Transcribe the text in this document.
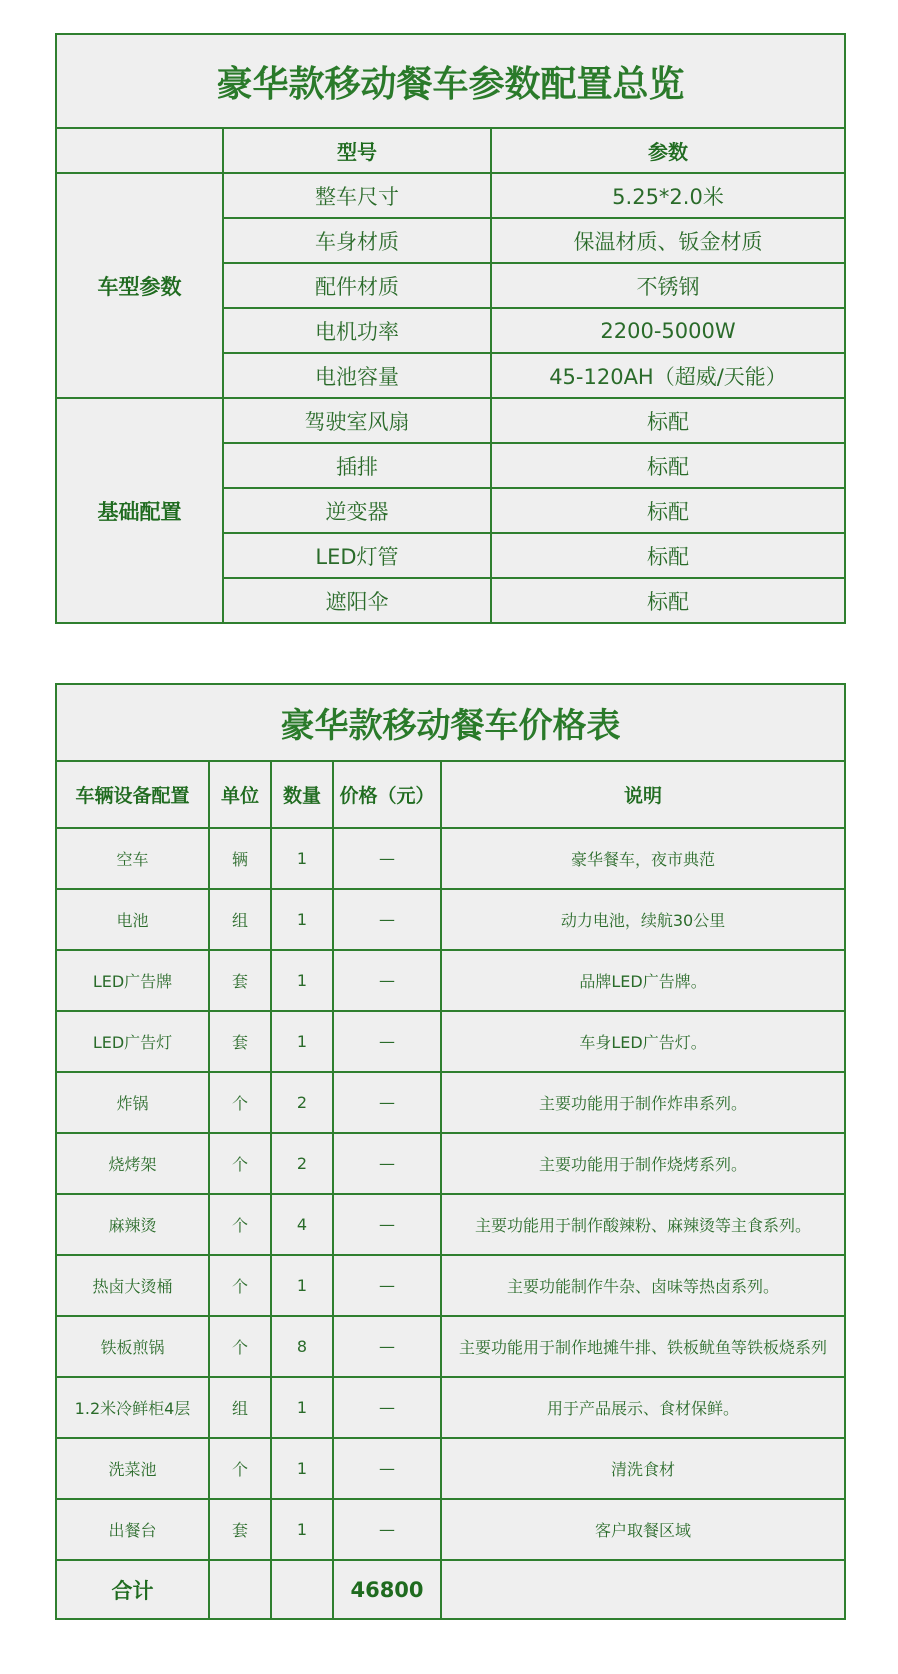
豪华款移动餐车参数配置总览		
	型号	参数
车型参数	整车尺寸	5.25*2.0米
	车身材质	保温材质、钣金材质
	配件材质	不锈钢
	电机功率	2200-5000W
	电池容量	45-120AH（超威/天能）
基础配置	驾驶室风扇	标配
	插排	标配
	逆变器	标配
	LED灯管	标配
	遮阳伞	标配
豪华款移动餐车价格表				
车辆设备配置	单位	数量	价格（元）	说明
空车	辆	1	—	豪华餐车，夜市典范
电池	组	1	—	动力电池，续航30公里
LED广告牌	套	1	—	品牌LED广告牌。
LED广告灯	套	1	—	车身LED广告灯。
炸锅	个	2	—	主要功能用于制作炸串系列。
烧烤架	个	2	—	主要功能用于制作烧烤系列。
麻辣烫	个	4	—	主要功能用于制作酸辣粉、麻辣烫等主食系列。
热卤大烫桶	个	1	—	主要功能制作牛杂、卤味等热卤系列。
铁板煎锅	个	8	—	主要功能用于制作地摊牛排、铁板鱿鱼等铁板烧系列
1.2米冷鲜柜4层	组	1	—	用于产品展示、食材保鲜。
洗菜池	个	1	—	清洗食材
出餐台	套	1	—	客户取餐区域
合计			46800	
